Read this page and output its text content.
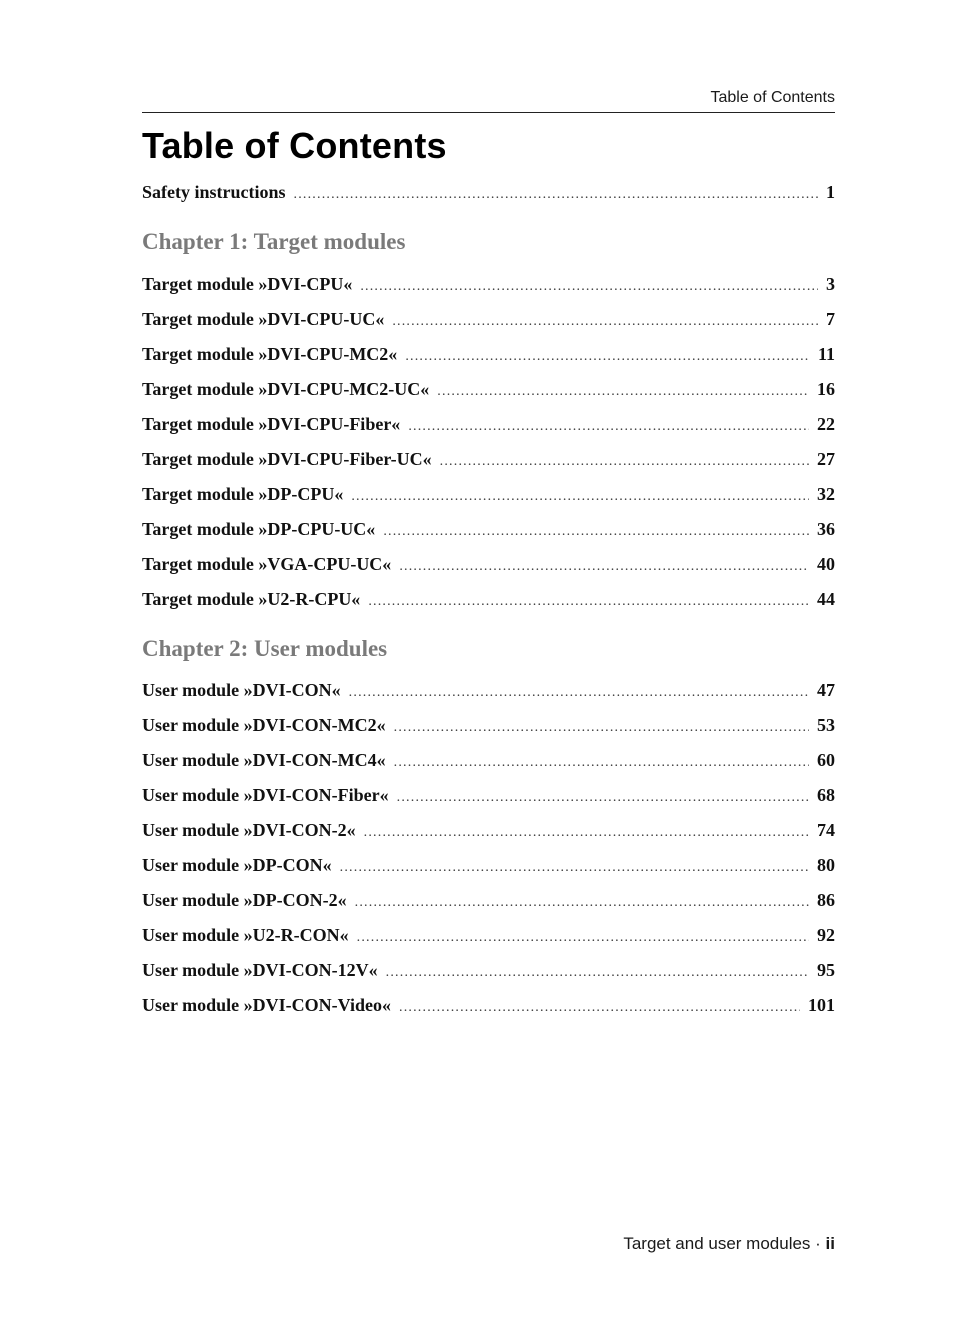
Table of Contents
Table of Contents
Safety instructions .....	1
Chapter 1: Target modules
Target module »DVI-CPU« .....	3
Target module »DVI-CPU-UC« .....	7
Target module »DVI-CPU-MC2« .....	11
Target module »DVI-CPU-MC2-UC« .....	16
Target module »DVI-CPU-Fiber« .....	22
Target module »DVI-CPU-Fiber-UC« .....	27
Target module »DP-CPU« .....	32
Target module »DP-CPU-UC« .....	36
Target module »VGA-CPU-UC« .....	40
Target module »U2-R-CPU« .....	44
Chapter 2: User modules
User module »DVI-CON« .....	47
User module »DVI-CON-MC2« .....	53
User module »DVI-CON-MC4« .....	60
User module »DVI-CON-Fiber« .....	68
User module »DVI-CON-2« .....	74
User module »DP-CON« .....	80
User module »DP-CON-2« .....	86
User module »U2-R-CON« .....	92
User module »DVI-CON-12V« .....	95
User module »DVI-CON-Video« .....	101
Target and user modules · ii
